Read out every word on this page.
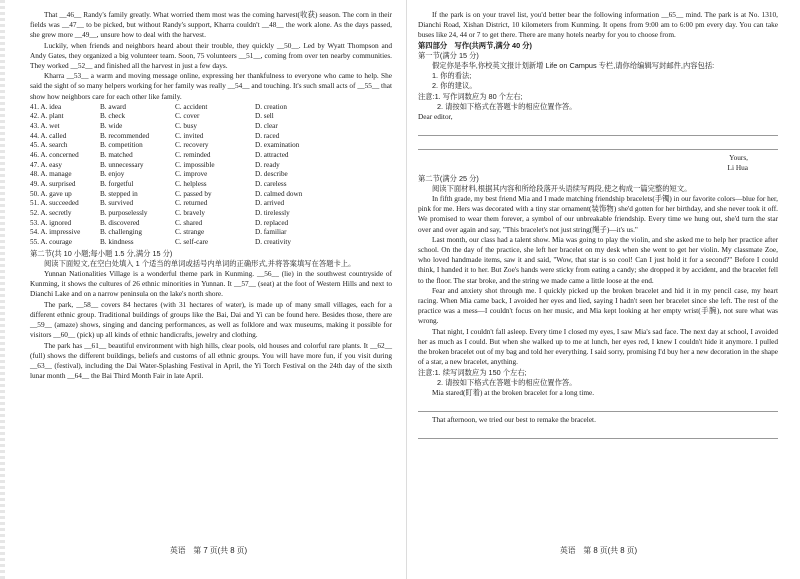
That __46__ Randy's family greatly. What worried them most was the coming harvest(收获) season. The corn in their fields was __47__ to be picked, but without Randy's support, Kharra couldn't __48__ the work alone. As the days passed, she grew more __49__, unsure how to deal with the harvest.

Luckily, when friends and neighbors heard about their trouble, they quickly __50__. Led by Wyatt Thompson and Andy Gates, they organized a big volunteer team. Soon, 75 volunteers __51__, coming from over ten nearby communities. They worked __52__ and finished all the harvest in just a few days.

Kharra __53__ a warm and moving message online, expressing her thankfulness to everyone who came to help. She said the sight of so many helpers working for her family was really __54__ and touching. It's such small acts of __55__ that show how neighbors care for each other like family.

41. A. idea	B. award	C. accident	D. creation
42. A. plant	B. check	C. cover	D. sell
43. A. wet	B. wide	C. busy	D. clear
44. A. called	B. recommended	C. invited	D. raced
45. A. search	B. competition	C. recovery	D. examination
46. A. concerned	B. matched	C. reminded	D. attracted
47. A. easy	B. unnecessary	C. impossible	D. ready
48. A. manage	B. enjoy	C. improve	D. describe
49. A. surprised	B. forgetful	C. helpless	D. careless
50. A. gave up	B. stepped in	C. passed by	D. calmed down
51. A. succeeded	B. survived	C. returned	D. arrived
52. A. secretly	B. purposelessly	C. bravely	D. tirelessly
53. A. ignored	B. discovered	C. shared	D. replaced
54. A. impressive	B. challenging	C. strange	D. familiar
55. A. courage	B. kindness	C. self-care	D. creativity

第二节(共 10 小题;每小题 1.5 分,满分 15 分)

阅读下面短文,在空白处填入 1 个适当的单词或括号内单词的正确形式,并将答案填写在答题卡上。

Yunnan Nationalities Village is a wonderful theme park in Kunming. __56__ (lie) in the southwest countryside of Kunming, it shows the cultures of 26 ethnic minorities in Yunnan. It __57__ (seat) at the foot of Western Hills and next to Dianchi Lake and on a narrow peninsula on the lake's north shore.

The park, __58__ covers 84 hectares (with 31 hectares of water), is made up of many small villages, each for a different ethnic group. Traditional buildings of groups like the Bai, Dai and Yi can be found here. Besides those, there are __59__ (amaze) shows, singing and dancing performances, as well as folklore and wax museums, making it possible for visitors __60__ (pick) up all kinds of ethnic handicrafts, jewelry and clothing.

The park has __61__ beautiful environment with high hills, clear pools, old houses and colorful rare plants. It __62__ (full) shows the different buildings, beliefs and customs of all ethnic groups. You will have more fun, if you visit during __63__ (festival), including the Dai Water-Splashing Festival in April, the Yi Torch Festival on the 24th day of the sixth lunar month __64__ the Bai Third Month Fair in late April.

英语　第 7 页(共 8 页)

If the park is on your travel list, you'd better bear the following information __65__ mind. The park is at No. 1310, Dianchi Road, Xishan District, 10 kilometers from Kunming. It opens from 9:00 am to 6:00 pm every day. You can take buses like 24, 44 or 7 to get there. There are many hotels nearby for you to choose from.

第四部分　写作(共两节,满分 40 分)

第一节(满分 15 分)

假定你是李华,你校英文报计划新增 Life on Campus 专栏,请你给编辑写封邮件,内容包括:

1. 你的看法;

2. 你的建议。

注意:1. 写作词数应为 80 个左右;

2. 请按如下格式在答题卡的相应位置作答。

Dear editor,

Yours,

Li Hua

第二节(满分 25 分)

阅读下面材料,根据其内容和所给段落开头语续写两段,使之构成一篇完整的短文。

In fifth grade, my best friend Mia and I made matching friendship bracelets(手镯) in our favorite colors—blue for her, pink for me. Hers was decorated with a tiny star ornament(装饰物) she'd gotten for her birthday, and she never took it off. We promised to wear them forever, a symbol of our unbreakable friendship. Every time we hung out, she'd turn the star over and over again and say, "This bracelet's not just string(绳子)—it's us."

Last month, our class had a talent show. Mia was going to play the violin, and she asked me to help her practice after school. On the day of the practice, she left her bracelet on my desk when she went to get her violin. My classmate Zoe, who loved handmade items, saw it and said, "Wow, that star is so cool! Can I just hold it for a second?" Before I could think, I handed it to her. But Zoe's hands were sticky from eating a candy; she dropped it by accident, and the bracelet fell to the floor. The star broke, and the string we made came a little loose at the end.

Fear and anxiety shot through me. I quickly picked up the broken bracelet and hid it in my pencil case, my heart racing. When Mia came back, I avoided her eyes and lied, saying I hadn't seen her bracelet since she left. The rest of the practice was a mess—I couldn't focus on her music, and Mia kept looking at her empty wrist(手腕), not sure what was wrong.

That night, I couldn't fall asleep. Every time I closed my eyes, I saw Mia's sad face. The next day at school, I avoided her as much as I could. But when she walked up to me at lunch, her eyes red, I knew I couldn't hide it anymore. I pulled the broken bracelet out of my bag and told her everything. I said sorry, promising I'd buy her a new decoration in the shape of a star, a new bracelet, anything.

注意:1. 续写词数应为 150 个左右;

2. 请按如下格式在答题卡的相应位置作答。

Mia stared(盯着) at the broken bracelet for a long time.

That afternoon, we tried our best to remake the bracelet.

英语　第 8 页(共 8 页)
